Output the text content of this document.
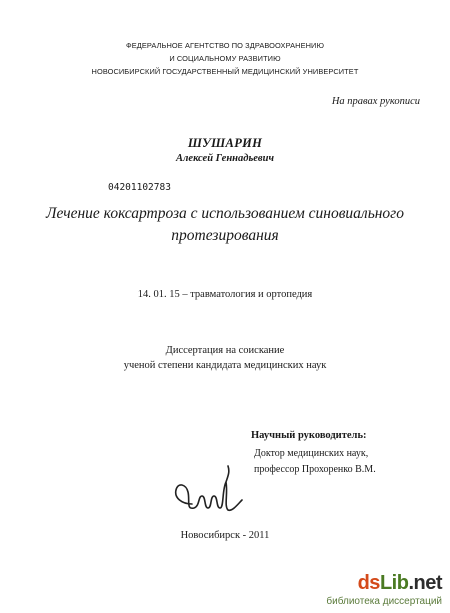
ФЕДЕРАЛЬНОЕ АГЕНТСТВО ПО ЗДРАВООХРАНЕНИЮ
И СОЦИАЛЬНОМУ РАЗВИТИЮ
НОВОСИБИРСКИЙ ГОСУДАРСТВЕННЫЙ МЕДИЦИНСКИЙ УНИВЕРСИТЕТ
На правах рукописи
ШУШАРИН
Алексей Геннадьевич
04201102783
Лечение коксартроза с использованием синовиального
протезирования
14. 01. 15 – травматология и ортопедия
Диссертация на соискание
ученой степени кандидата медицинских наук
Научный руководитель:
Доктор медицинских наук,
профессор Прохоренко В.М.
Новосибирск - 2011
dsLib.net
библиотека диссертаций
